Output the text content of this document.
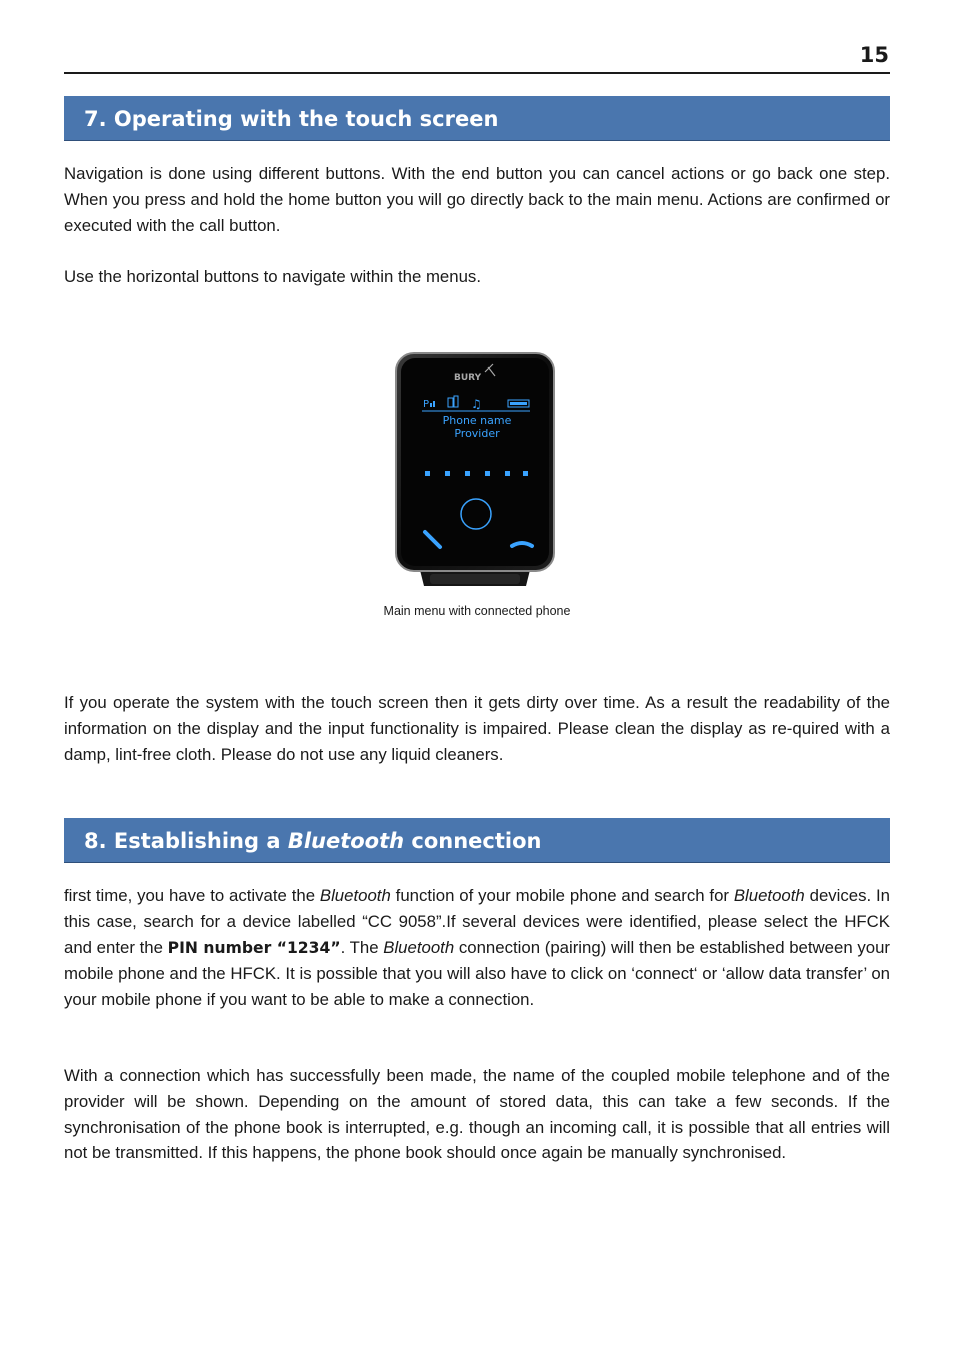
15
7. Operating with the touch screen

Navigation is done using different buttons. With the end button you can cancel actions or go back one step. When you press and hold the home button you will go directly back to the main menu. Actions are confirmed or executed with the call button.

Use the horizontal buttons to navigate within the menus.

BURY
P	♫
Phone name
Provider
Main menu with connected phone

If you operate the system with the touch screen then it gets dirty over time. As a result the readability of the information on the display and the input functionality is impaired. Please clean the display as re-quired with a damp, lint-free cloth. Please do not use any liquid cleaners.

8. Establishing a Bluetooth connection

first time, you have to activate the Bluetooth function of your mobile phone and search for Bluetooth devices. In this case, search for a device labelled “CC 9058”.If several devices were identified, please select the HFCK and enter the PIN number “1234”. The Bluetooth connection (pairing) will then be established between your mobile phone and the HFCK. It is possible that you will also have to click on ‘connect‘ or ‘allow data transfer’ on your mobile phone if you want to be able to make a connection.

With a connection which has successfully been made, the name of the coupled mobile telephone and of the provider will be shown. Depending on the amount of stored data, this can take a few seconds. If the synchronisation of the phone book is interrupted, e.g. though an incoming call, it is possible that all entries will not be transmitted. If this happens, the phone book should once again be manually synchronised.
